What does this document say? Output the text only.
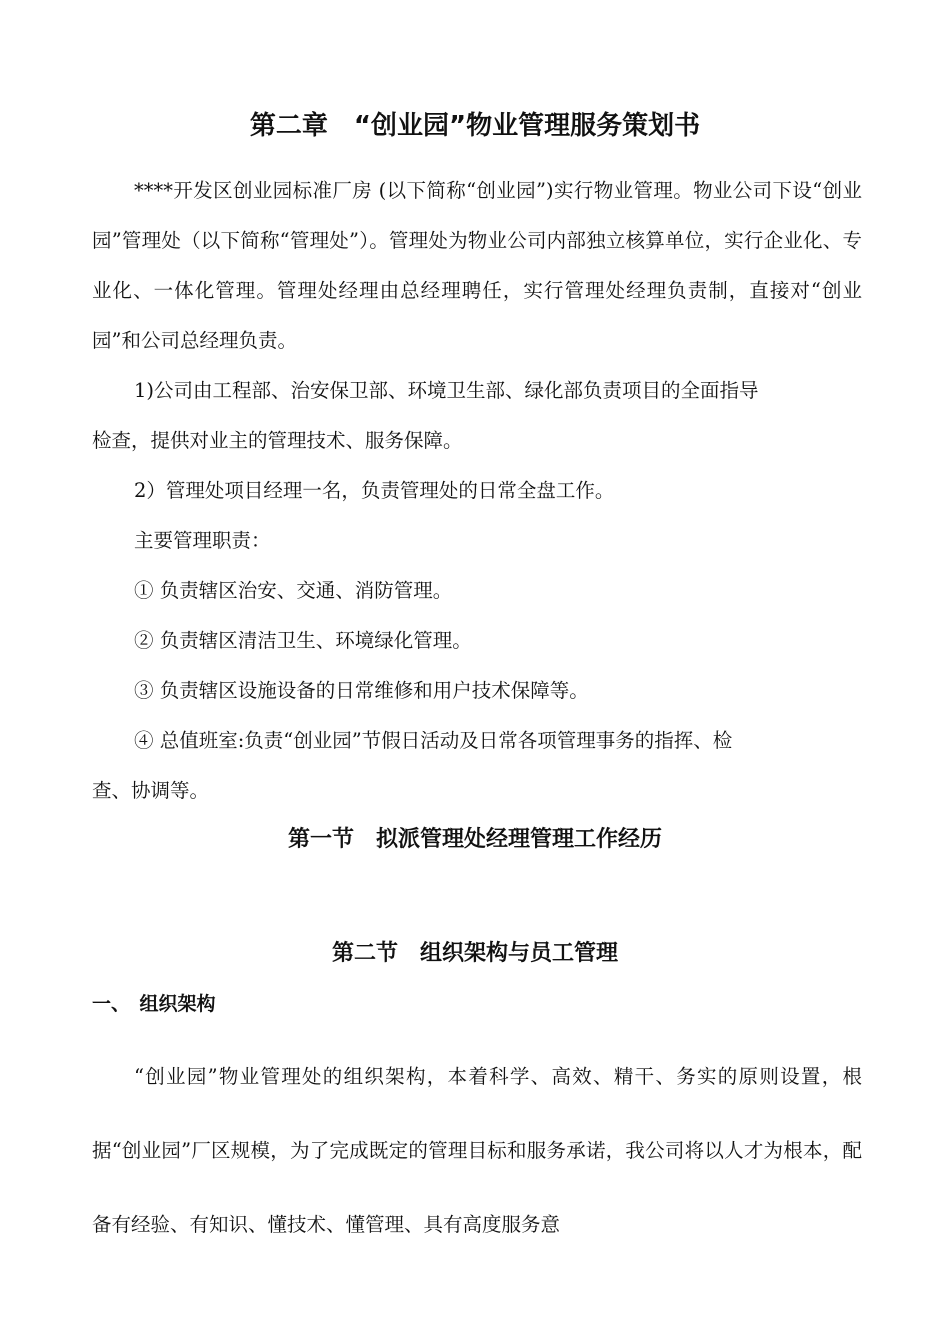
第二章　“创业园”物业管理服务策划书

****开发区创业园标准厂房 (以下简称“创业园”)实行物业管理。物业公司下设“创业园”管理处（以下简称“管理处”）。管理处为物业公司内部独立核算单位，实行企业化、专业化、一体化管理。管理处经理由总经理聘任，实行管理处经理负责制，直接对“创业园”和公司总经理负责。

1)公司由工程部、治安保卫部、环境卫生部、绿化部负责项目的全面指导

检查，提供对业主的管理技术、服务保障。

2）管理处项目经理一名，负责管理处的日常全盘工作。

主要管理职责：

① 负责辖区治安、交通、消防管理。

② 负责辖区清洁卫生、环境绿化管理。

③ 负责辖区设施设备的日常维修和用户技术保障等。

④ 总值班室:负责“创业园”节假日活动及日常各项管理事务的指挥、检

查、协调等。

第一节　拟派管理处经理管理工作经历
第二节　组织架构与员工管理
一、　组织架构

“创业园”物业管理处的组织架构，本着科学、高效、精干、务实的原则设置，根据“创业园”厂区规模，为了完成既定的管理目标和服务承诺，我公司将以人才为根本，配备有经验、有知识、懂技术、懂管理、具有高度服务意
